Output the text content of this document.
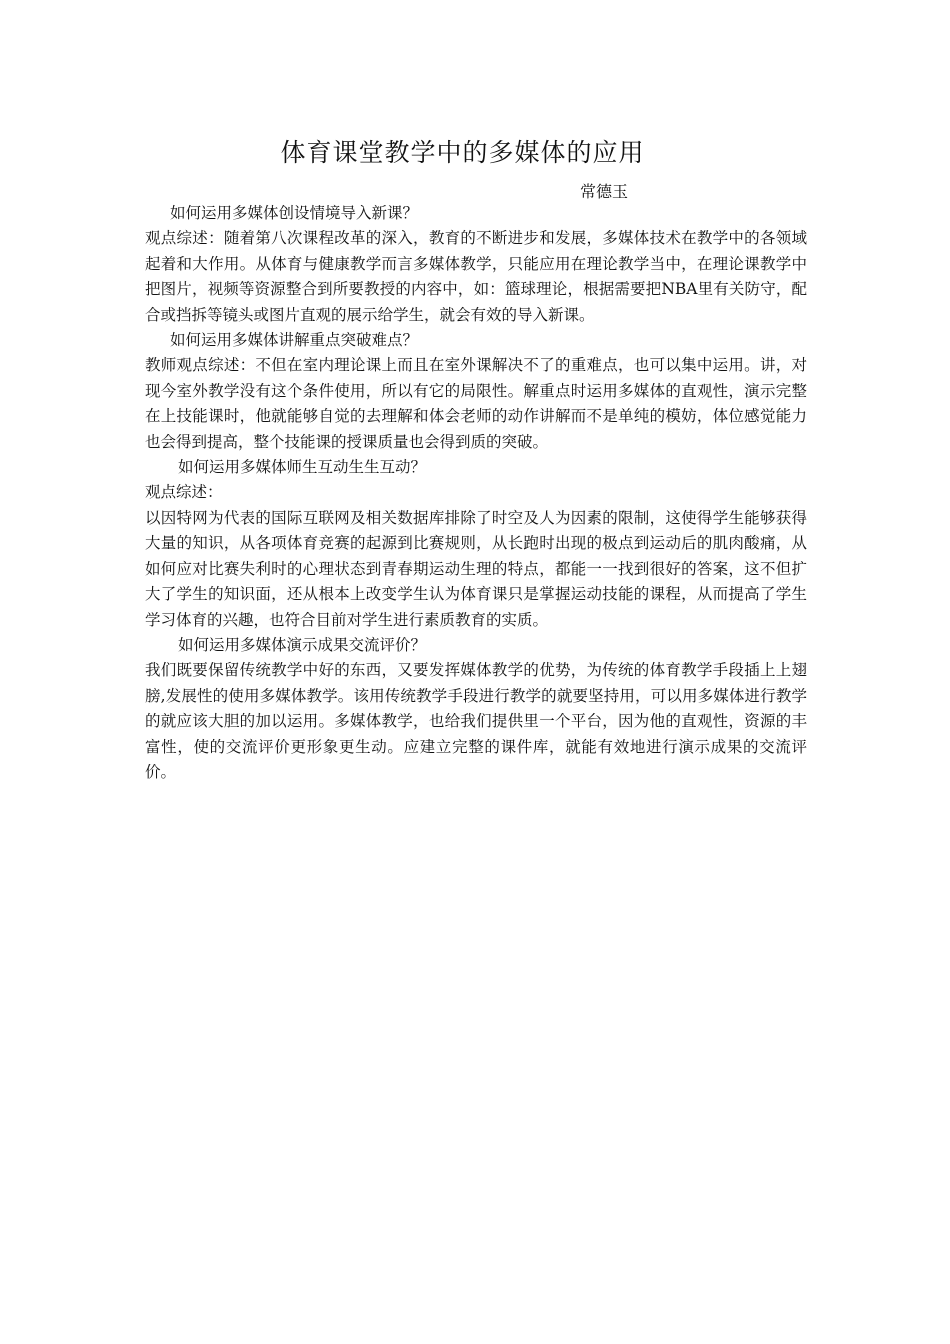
体育课堂教学中的多媒体的应用
常德玉

如何运用多媒体创设情境导入新课？

观点综述：随着第八次课程改革的深入，教育的不断进步和发展，多媒体技术在教学中的各领域起着和大作用。从体育与健康教学而言多媒体教学，只能应用在理论教学当中，在理论课教学中把图片，视频等资源整合到所要教授的内容中，如：篮球理论，根据需要把NBA里有关防守，配合或挡拆等镜头或图片直观的展示给学生，就会有效的导入新课。

如何运用多媒体讲解重点突破难点？

教师观点综述：不但在室内理论课上而且在室外课解决不了的重难点，也可以集中运用。讲，对现今室外教学没有这个条件使用，所以有它的局限性。解重点时运用多媒体的直观性，演示完整在上技能课时，他就能够自觉的去理解和体会老师的动作讲解而不是单纯的模妨，体位感觉能力也会得到提高，整个技能课的授课质量也会得到质的突破。

如何运用多媒体师生互动生生互动？

观点综述：

以因特网为代表的国际互联网及相关数据库排除了时空及人为因素的限制，这使得学生能够获得大量的知识，从各项体育竞赛的起源到比赛规则，从长跑时出现的极点到运动后的肌肉酸痛，从如何应对比赛失利时的心理状态到青春期运动生理的特点，都能一一找到很好的答案，这不但扩大了学生的知识面，还从根本上改变学生认为体育课只是掌握运动技能的课程，从而提高了学生学习体育的兴趣，也符合目前对学生进行素质教育的实质。

如何运用多媒体演示成果交流评价？

我们既要保留传统教学中好的东西，又要发挥媒体教学的优势，为传统的体育教学手段插上上翅膀,发展性的使用多媒体教学。该用传统教学手段进行教学的就要坚持用，可以用多媒体进行教学的就应该大胆的加以运用。多媒体教学，也给我们提供里一个平台，因为他的直观性，资源的丰富性，使的交流评价更形象更生动。应建立完整的课件库，就能有效地进行演示成果的交流评价。
